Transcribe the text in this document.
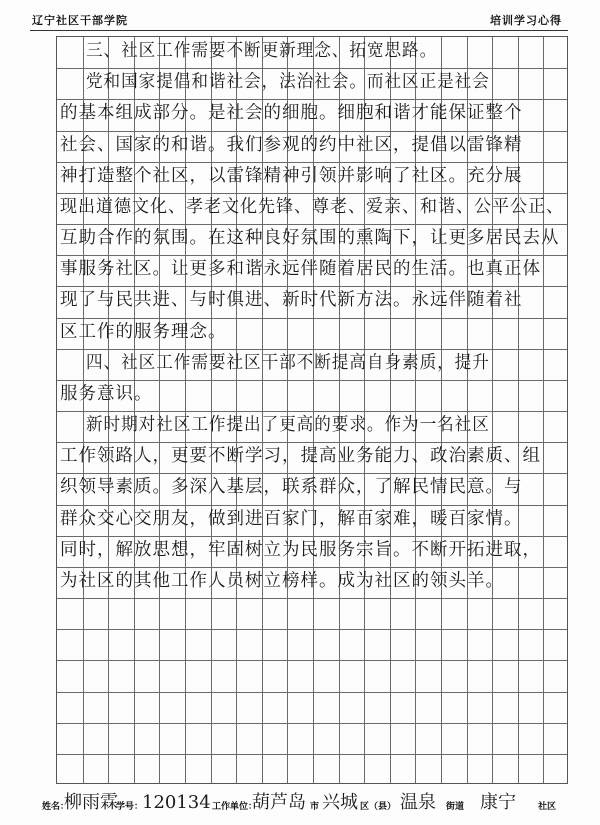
辽宁社区干部学院	培训学习心得
三、社区工作需要不断更新理念、拓宽思路。
党和国家提倡和谐社会，法治社会。而社区正是社会
的基本组成部分。是社会的细胞。细胞和谐才能保证整个
社会、国家的和谐。我们参观的约中社区，提倡以雷锋精
神打造整个社区，以雷锋精神引领并影响了社区。充分展
现出道德文化、孝老文化先锋、尊老、爱亲、和谐、公平公正、
互助合作的氛围。在这种良好氛围的熏陶下，让更多居民去从
事服务社区。让更多和谐永远伴随着居民的生活。也真正体
现了与民共进、与时俱进、新时代新方法。永远伴随着社
区工作的服务理念。
四、社区工作需要社区干部不断提高自身素质，提升
服务意识。
新时期对社区工作提出了更高的要求。作为一名社区
工作领路人，更要不断学习，提高业务能力、政治素质、组
织领导素质。多深入基层，联系群众，了解民情民意。与
群众交心交朋友，做到进百家门，解百家难，暖百家情。
同时，解放思想，牢固树立为民服务宗旨。不断开拓进取，
为社区的其他工作人员树立榜样。成为社区的领头羊。
姓名：
柳雨霖
学号：
120134 工作单位：
葫芦岛 市 兴城 区（县） 温泉 街道 康宁 社区
